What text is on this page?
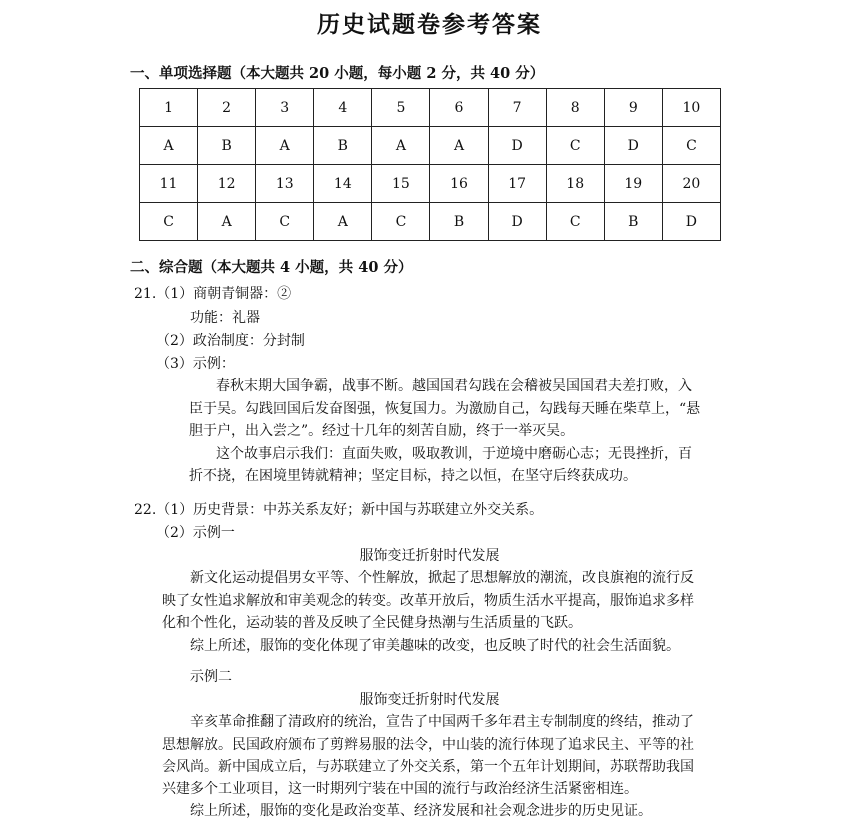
历史试题卷参考答案
一、单项选择题（本大题共 20 小题，每小题 2 分，共 40 分）
1	2	3	4	5	6	7	8	9	10
A	B	A	B	A	A	D	C	D	C
11	12	13	14	15	16	17	18	19	20
C	A	C	A	C	B	D	C	B	D
二、综合题（本大题共 4 小题，共 40 分）
21.（1）商朝青铜器：②
功能：礼器
（2）政治制度：分封制
（3）示例：
春秋末期大国争霸，战事不断。越国国君勾践在会稽被吴国国君夫差打败，入
臣于吴。勾践回国后发奋图强，恢复国力。为激励自己，勾践每天睡在柴草上，“悬
胆于户，出入尝之”。经过十几年的刻苦自励，终于一举灭吴。
这个故事启示我们：直面失败，吸取教训，于逆境中磨砺心志；无畏挫折，百
折不挠，在困境里铸就精神；坚定目标，持之以恒，在坚守后终获成功。
22.（1）历史背景：中苏关系友好；新中国与苏联建立外交关系。
（2）示例一
服饰变迁折射时代发展
新文化运动提倡男女平等、个性解放，掀起了思想解放的潮流，改良旗袍的流行反
映了女性追求解放和审美观念的转变。改革开放后，物质生活水平提高，服饰追求多样
化和个性化，运动装的普及反映了全民健身热潮与生活质量的飞跃。
综上所述，服饰的变化体现了审美趣味的改变，也反映了时代的社会生活面貌。
示例二
服饰变迁折射时代发展
辛亥革命推翻了清政府的统治，宣告了中国两千多年君主专制制度的终结，推动了
思想解放。民国政府颁布了剪辫易服的法令，中山装的流行体现了追求民主、平等的社
会风尚。新中国成立后，与苏联建立了外交关系，第一个五年计划期间，苏联帮助我国
兴建多个工业项目，这一时期列宁装在中国的流行与政治经济生活紧密相连。
综上所述，服饰的变化是政治变革、经济发展和社会观念进步的历史见证。
